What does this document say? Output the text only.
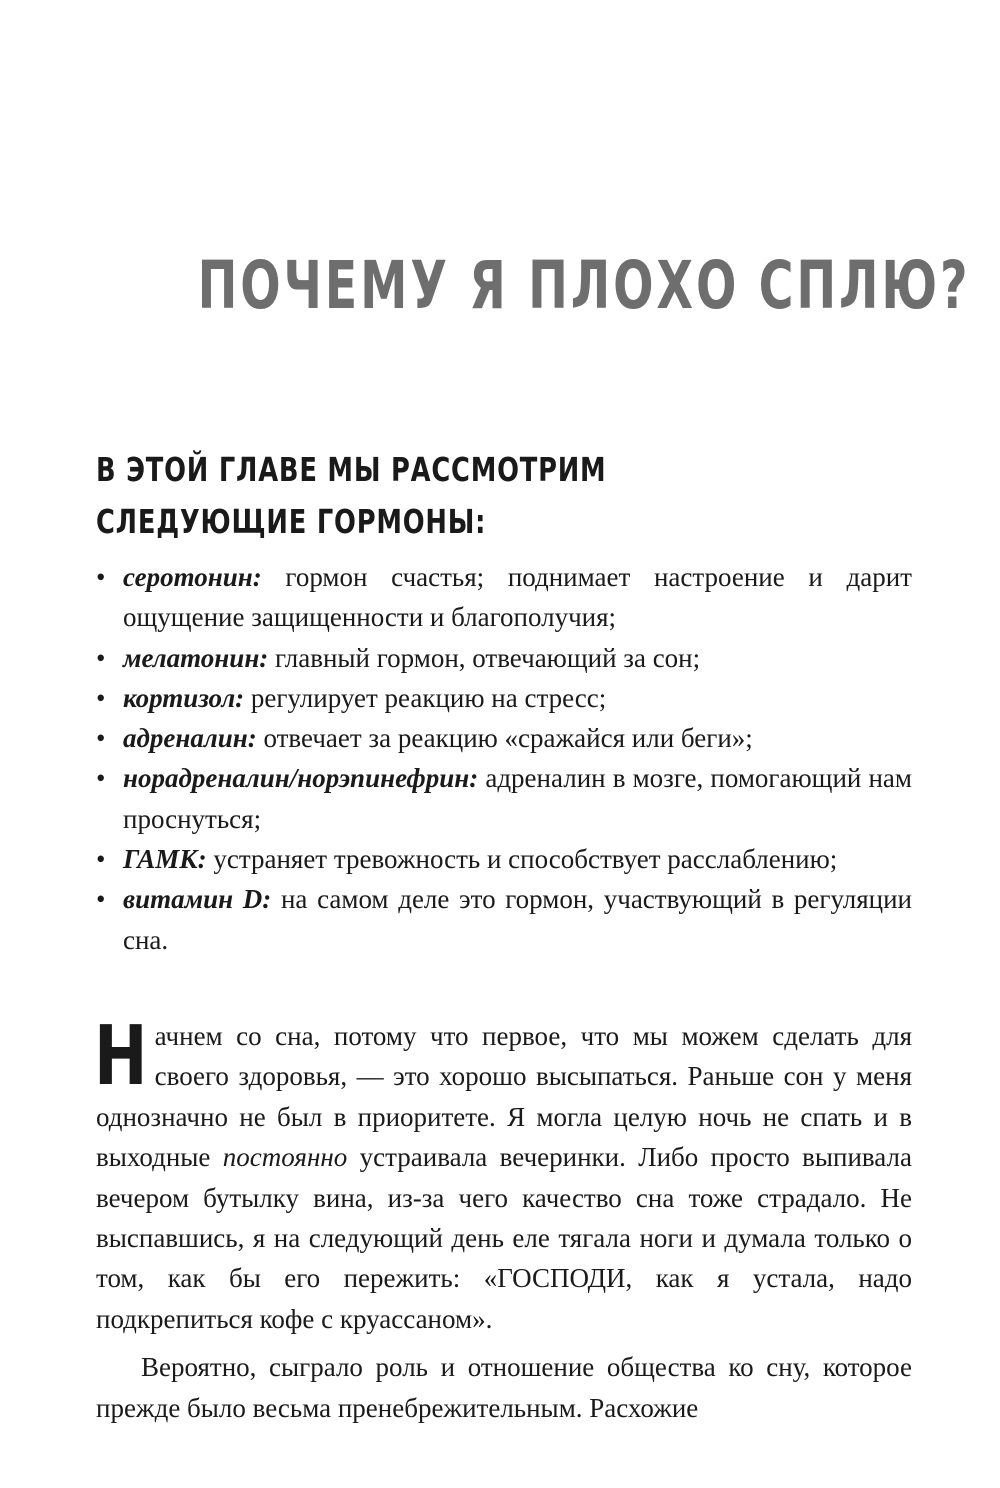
ПОЧЕМУ Я ПЛОХО СПЛЮ?
В ЭТОЙ ГЛАВЕ МЫ РАССМОТРИМ
СЛЕДУЮЩИЕ ГОРМОНЫ:
• серотонин: гормон счастья; поднимает настроение и дарит ощущение защищенности и благополучия;
• мелатонин: главный гормон, отвечающий за сон;
• кортизол: регулирует реакцию на стресс;
• адреналин: отвечает за реакцию «сражайся или беги»;
• норадреналин/норэпинефрин: адреналин в мозге, помогающий нам проснуться;
• ГАМК: устраняет тревожность и способствует расслаблению;
• витамин D: на самом деле это гормон, участвующий в регуляции сна.

Начнем со сна, потому что первое, что мы можем сделать для своего здоровья, — это хорошо высыпаться. Раньше сон у меня однозначно не был в приоритете. Я могла целую ночь не спать и в выходные постоянно устраивала вечеринки. Либо просто выпивала вечером бутылку вина, из-за чего качество сна тоже страдало. Не выспавшись, я на следующий день еле тягала ноги и думала только о том, как бы его пережить: «ГОСПОДИ, как я устала, надо подкрепиться кофе с круассаном».

Вероятно, сыграло роль и отношение общества ко сну, которое прежде было весьма пренебрежительным. Расхожие
